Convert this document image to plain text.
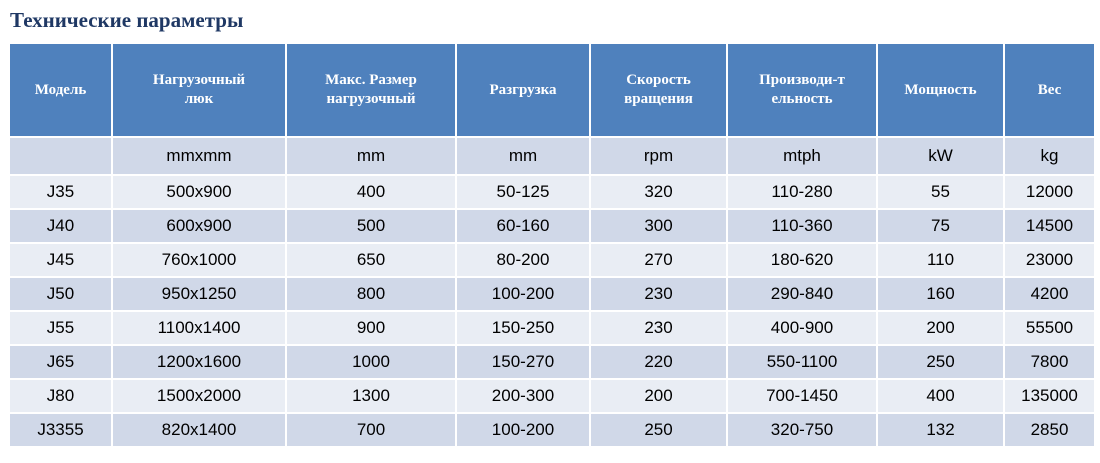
Технические параметры
Модель	Нагрузочный люк	Макс. Размер нагрузочный	Разгрузка	Скорость вращения	Производи-тельность	Мощность	Вес
	mmxmm	mm	mm	rpm	mtph	kW	kg
J35	500x900	400	50-125	320	110-280	55	12000
J40	600x900	500	60-160	300	110-360	75	14500
J45	760x1000	650	80-200	270	180-620	110	23000
J50	950x1250	800	100-200	230	290-840	160	4200
J55	1100x1400	900	150-250	230	400-900	200	55500
J65	1200x1600	1000	150-270	220	550-1100	250	7800
J80	1500x2000	1300	200-300	200	700-1450	400	135000
J3355	820x1400	700	100-200	250	320-750	132	2850
